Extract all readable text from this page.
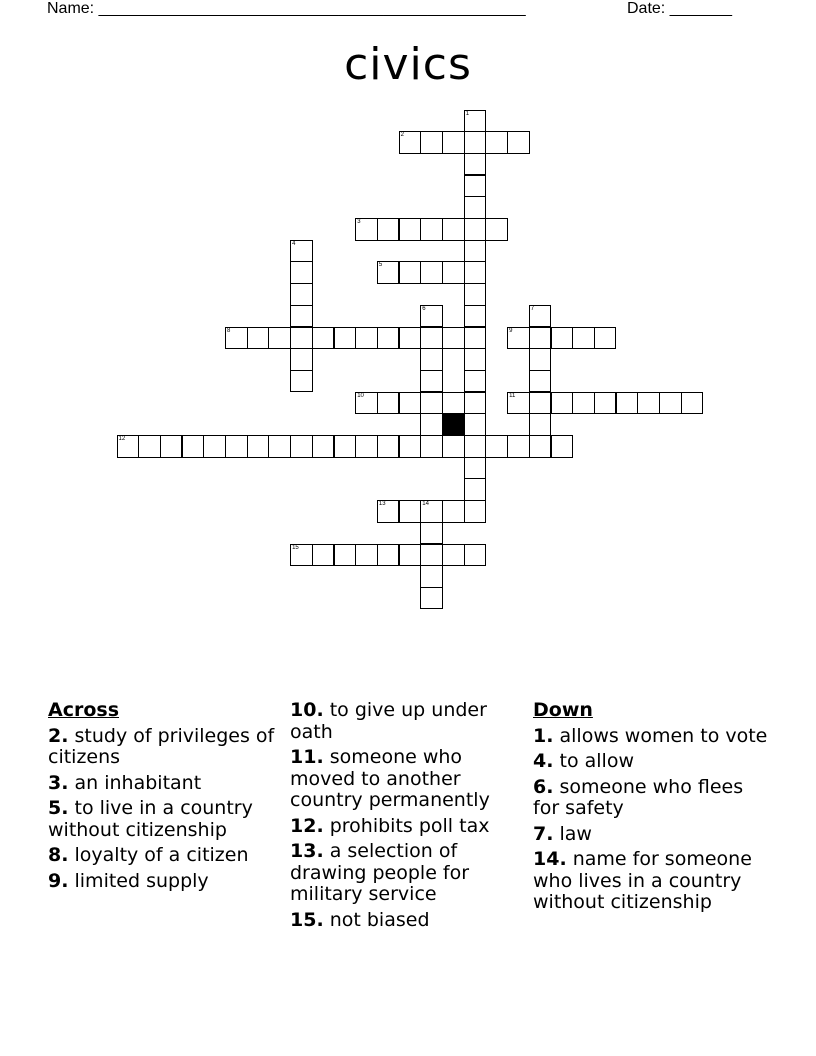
Name: ________________________________________________	Date: _______
civics
2
3
5
8	9
10	11
12
13	14
15
1
4
6	7
Across
2. study of privileges of citizens
3. an inhabitant
5. to live in a country without citizenship
8. loyalty of a citizen
9. limited supply
10. to give up under oath
11. someone who moved to another country permanently
12. prohibits poll tax
13. a selection of drawing people for military service
15. not biased
Down
1. allows women to vote
4. to allow
6. someone who flees for safety
7. law
14. name for someone who lives in a country without citizenship
